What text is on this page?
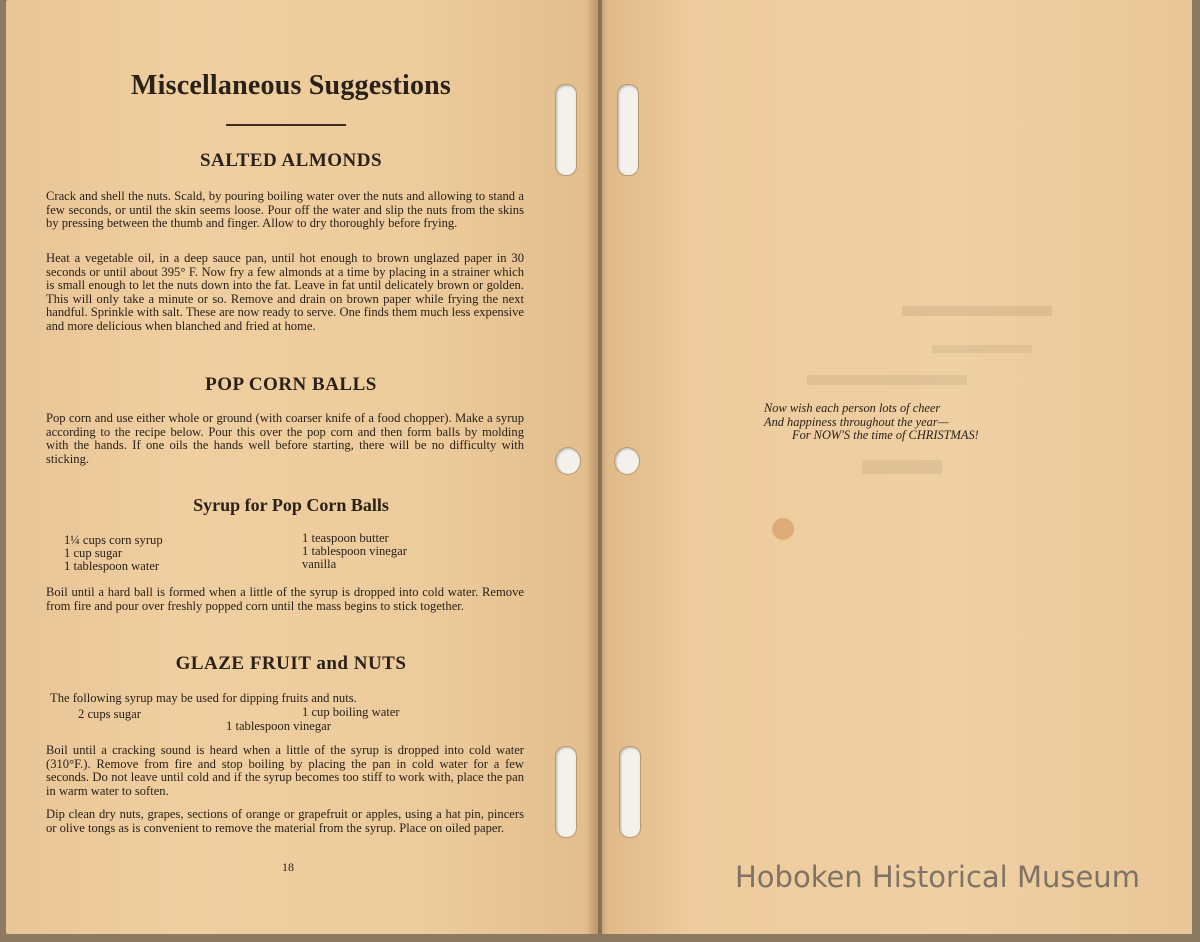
Miscellaneous Suggestions
SALTED ALMONDS
Crack and shell the nuts. Scald, by pouring boiling water over the nuts and allowing to stand a few seconds, or until the skin seems loose. Pour off the water and slip the nuts from the skins by pressing between the thumb and finger. Allow to dry thoroughly before frying.
Heat a vegetable oil, in a deep sauce pan, until hot enough to brown unglazed paper in 30 seconds or until about 395° F. Now fry a few almonds at a time by placing in a strainer which is small enough to let the nuts down into the fat. Leave in fat until delicately brown or golden. This will only take a minute or so. Remove and drain on brown paper while frying the next handful. Sprinkle with salt. These are now ready to serve. One finds them much less expensive and more delicious when blanched and fried at home.
POP CORN BALLS
Pop corn and use either whole or ground (with coarser knife of a food chopper). Make a syrup according to the recipe below. Pour this over the pop corn and then form balls by molding with the hands. If one oils the hands well before starting, there will be no difficulty with sticking.
Syrup for Pop Corn Balls
1¼ cups corn syrup
1 cup sugar
1 tablespoon water
1 teaspoon butter
1 tablespoon vinegar
vanilla
Boil until a hard ball is formed when a little of the syrup is dropped into cold water. Remove from fire and pour over freshly popped corn until the mass begins to stick together.
GLAZE FRUIT and NUTS
The following syrup may be used for dipping fruits and nuts.
2 cups sugar	1 cup boiling water
1 tablespoon vinegar
Boil until a cracking sound is heard when a little of the syrup is dropped into cold water (310°F.). Remove from fire and stop boiling by placing the pan in cold water for a few seconds. Do not leave until cold and if the syrup becomes too stiff to work with, place the pan in warm water to soften.
Dip clean dry nuts, grapes, sections of orange or grapefruit or apples, using a hat pin, pincers or olive tongs as is convenient to remove the material from the syrup. Place on oiled paper.
18
Now wish each person lots of cheer
And happiness throughout the year—
For NOW'S the time of CHRISTMAS!
Hoboken Historical Museum
